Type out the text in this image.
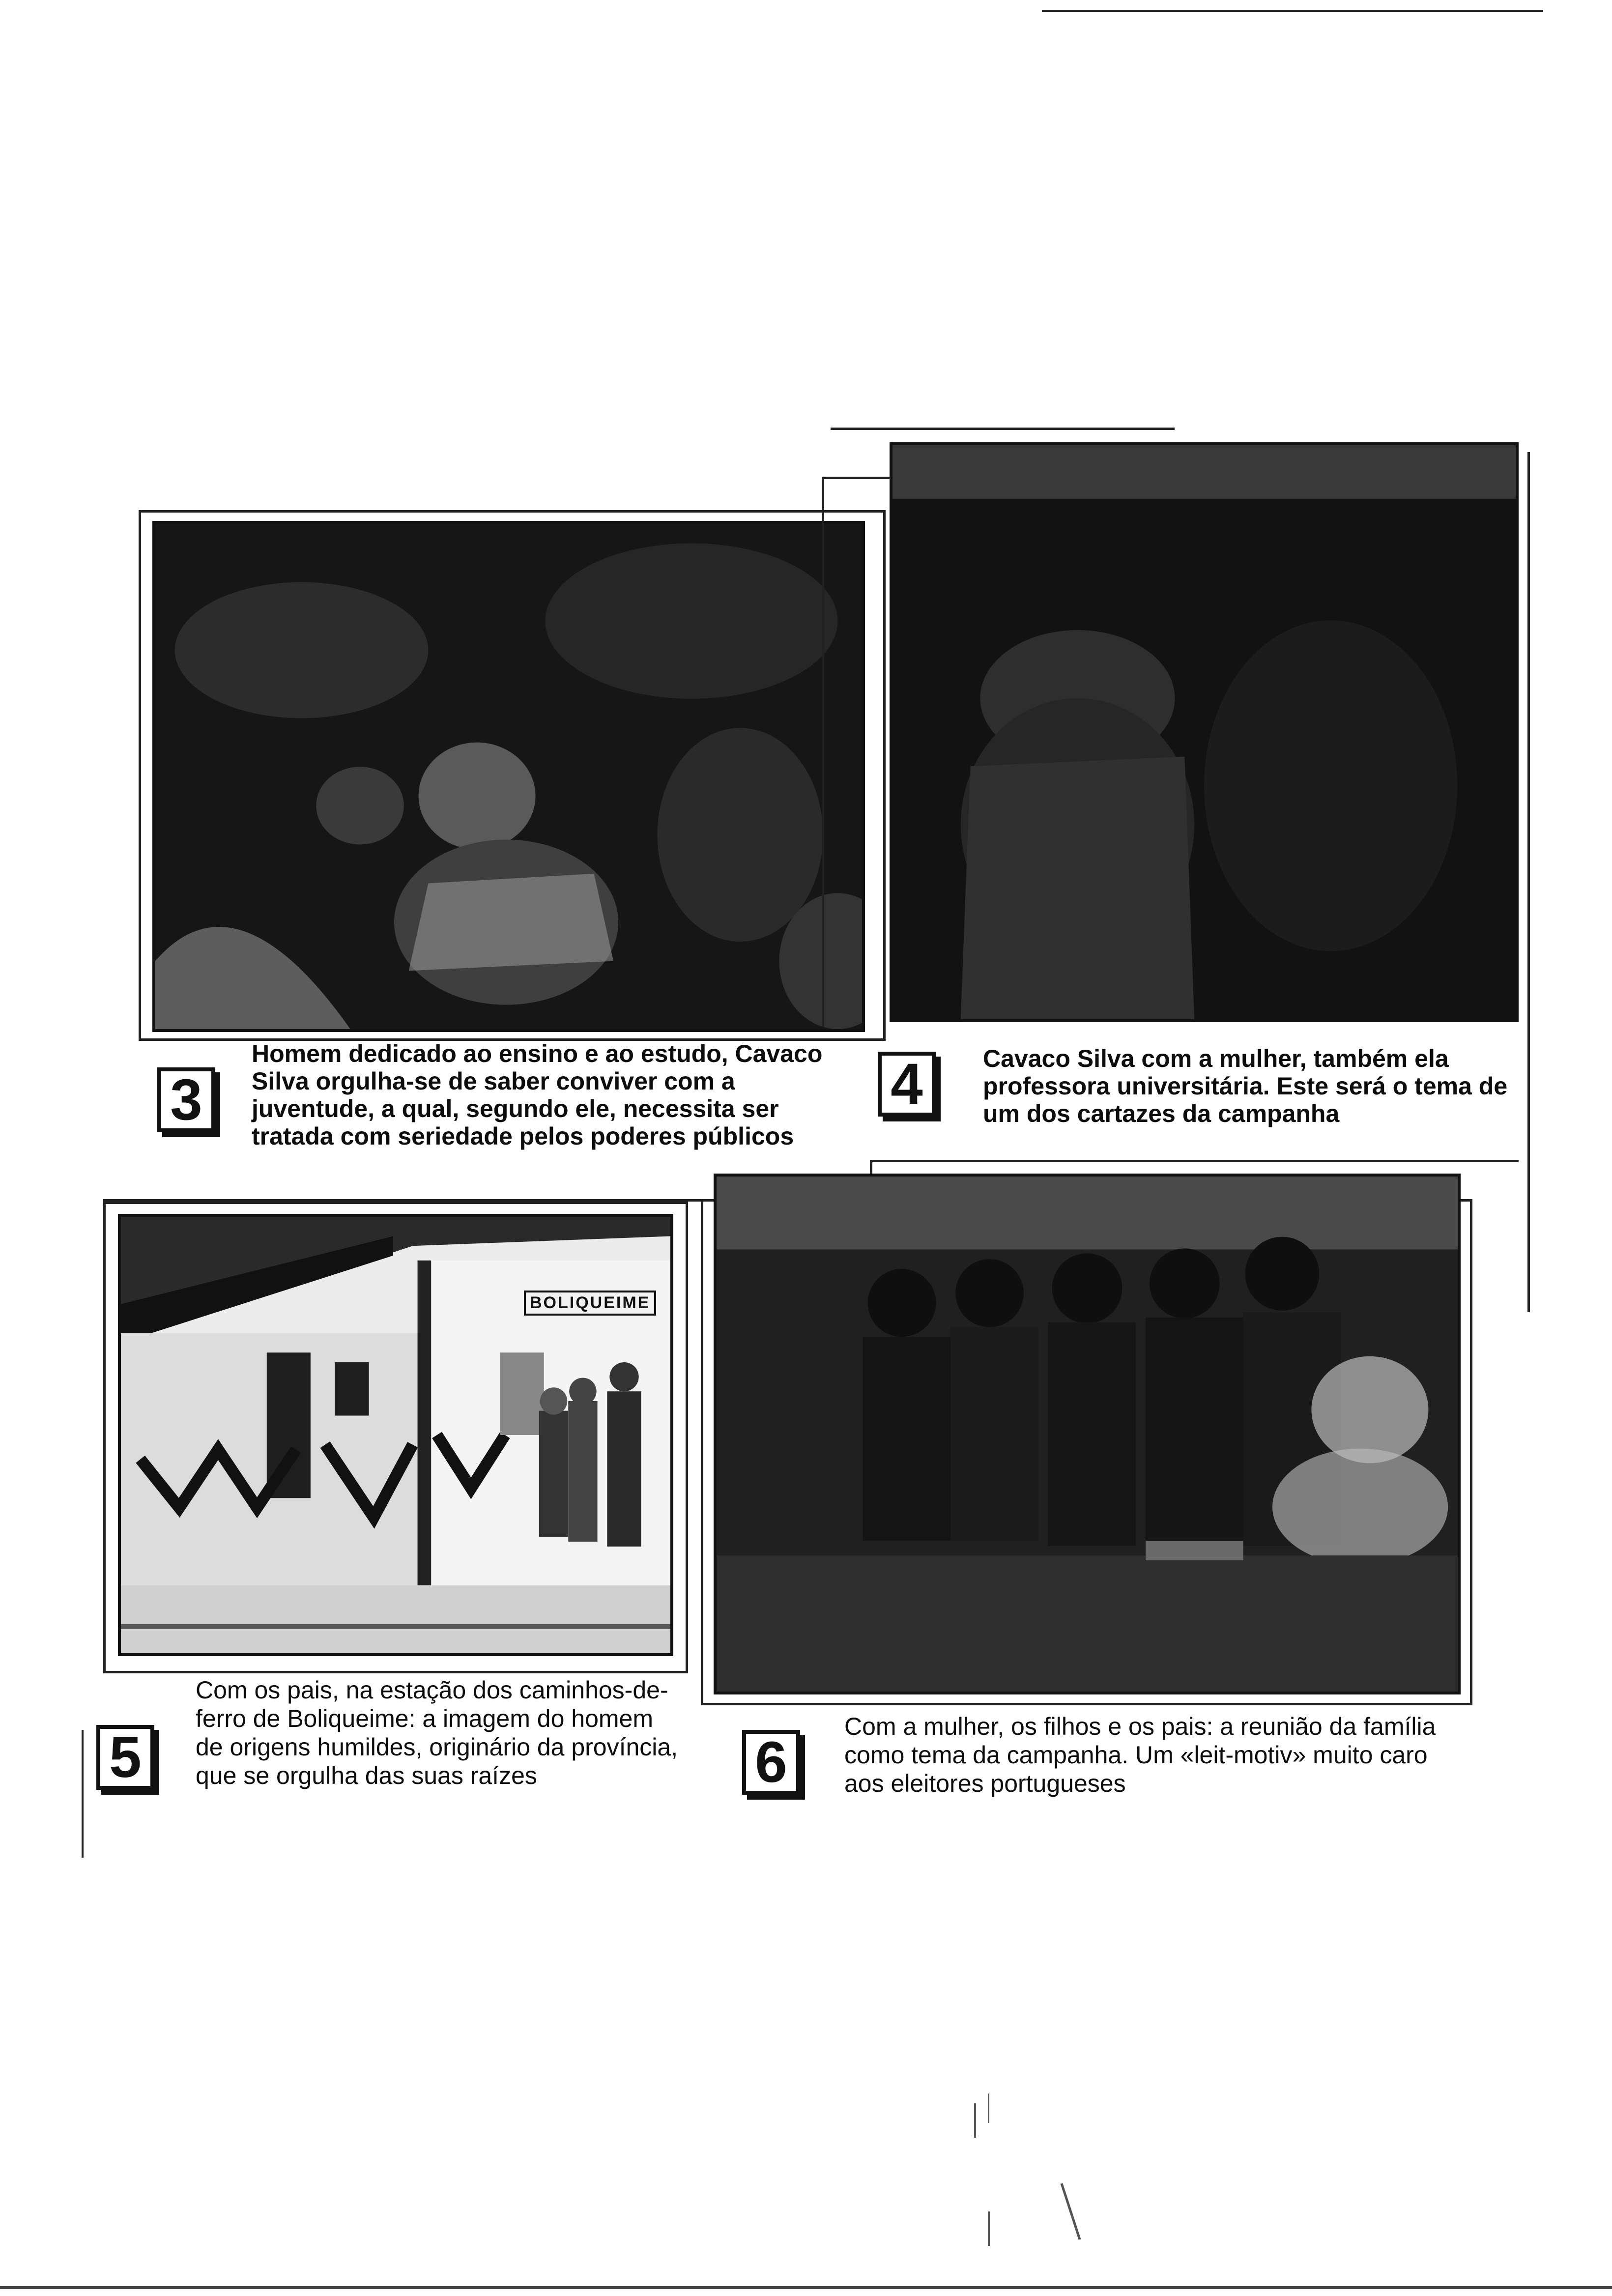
3

Homem dedicado ao ensino e ao estudo, Cavaco Silva orgulha-se de saber conviver com a juventude, a qual, segundo ele, necessita ser tratada com seriedade pelos poderes públicos

4	Cavaco Silva com a mulher, também ela professora universitária. Este será o tema de um dos cartazes da campanha

BOLIQUEIME
5

Com os pais, na estação dos caminhos-de-ferro de Boliqueime: a imagem do homem de origens humildes, originário da província, que se orgulha das suas raízes	6

Com a mulher, os filhos e os pais: a reunião da família como tema da campanha. Um «leit-motiv» muito caro aos eleitores portugueses
